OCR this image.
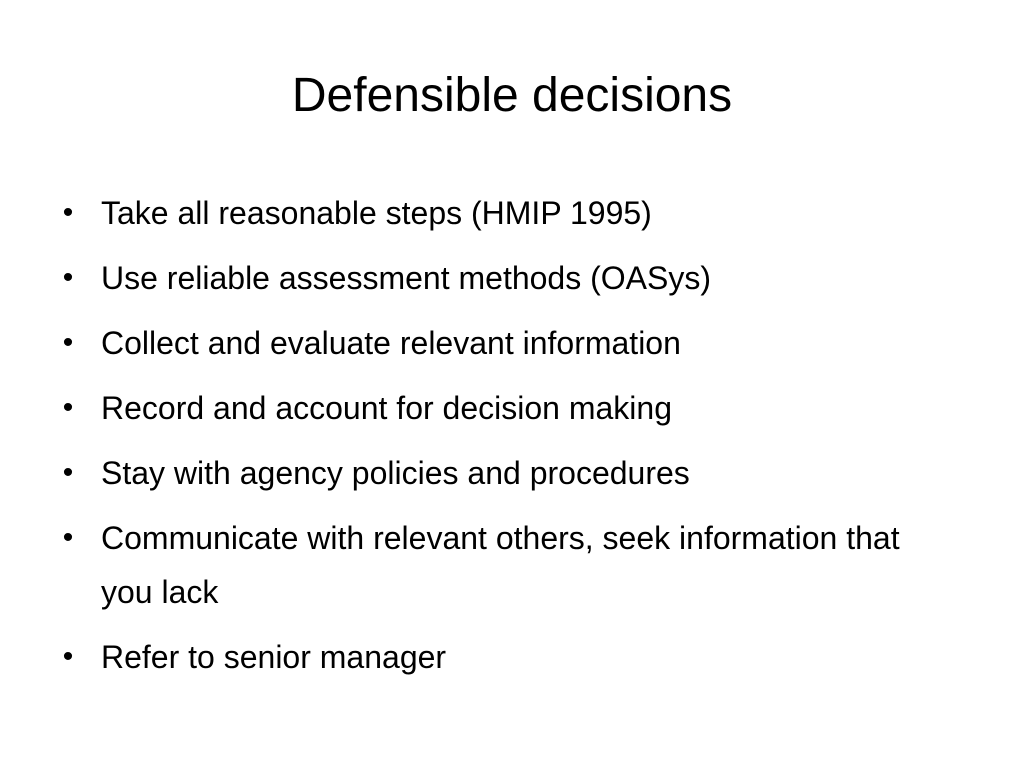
Defensible decisions
• Take all reasonable steps (HMIP 1995)
• Use reliable assessment methods (OASys)
• Collect and evaluate relevant information
• Record and account for decision making
• Stay with agency policies and procedures
• Communicate with relevant others, seek information that you lack
• Refer to senior manager
